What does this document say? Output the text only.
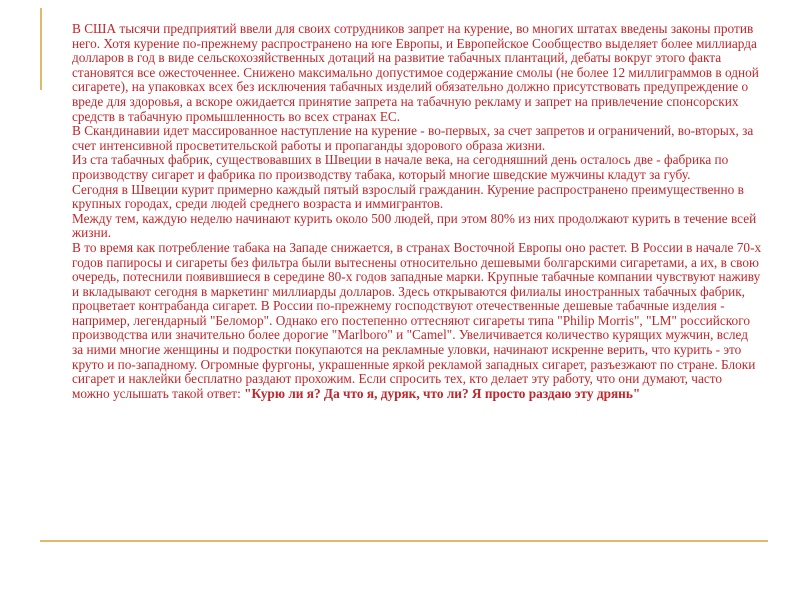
В США тысячи предприятий ввели для своих сотрудников запрет на курение, во многих штатах введены законы против него. Хотя курение по-прежнему распространено на юге Европы, и Европейское Сообщество выделяет более миллиарда долларов в год в виде сельскохозяйственных дотаций на развитие табачных плантаций, дебаты вокруг этого факта становятся все ожесточеннее. Снижено максимально допустимое содержание смолы (не более 12 миллиграммов в одной сигарете), на упаковках всех без исключения табачных изделий обязательно должно присутствовать предупреждение о вреде для здоровья, а вскоре ожидается принятие запрета на табачную рекламу и запрет на привлечение спонсорских средств в табачную промышленность во всех странах ЕС.

В Скандинавии идет массированное наступление на курение - во-первых, за счет запретов и ограничений, во-вторых, за счет интенсивной просветительской работы и пропаганды здорового образа жизни.

Из ста табачных фабрик, существовавших в Швеции в начале века, на сегодняшний день осталось две - фабрика по производству сигарет и фабрика по производству табака, который многие шведские мужчины кладут за губу.

Сегодня в Швеции курит примерно каждый пятый взрослый гражданин. Курение распространено преимущественно в крупных городах, среди людей среднего возраста и иммигрантов.

Между тем, каждую неделю начинают курить около 500 людей, при этом 80% из них продолжают курить в течение всей жизни.

В то время как потребление табака на Западе снижается, в странах Восточной Европы оно растет. В России в начале 70-х годов папиросы и сигареты без фильтра были вытеснены относительно дешевыми болгарскими сигаретами, а их, в свою очередь, потеснили появившиеся в середине 80-х годов западные марки. Крупные табачные компании чувствуют наживу и вкладывают сегодня в маркетинг миллиарды долларов. Здесь открываются филиалы иностранных табачных фабрик, процветает контрабанда сигарет. В России по-прежнему господствуют отечественные дешевые табачные изделия - например, легендарный "Беломор". Однако его постепенно оттесняют сигареты типа "Philip Morris", "LM" российского производства или значительно более дорогие "Marlboro" и "Camel". Увеличивается количество курящих мужчин, вслед за ними многие женщины и подростки покупаются на рекламные уловки, начинают искренне верить, что курить - это круто и по-западному. Огромные фургоны, украшенные яркой рекламой западных сигарет, разъезжают по стране. Блоки сигарет и наклейки бесплатно раздают прохожим. Если спросить тех, кто делает эту работу, что они думают, часто можно услышать такой ответ: "Курю ли я? Да что я, дуряк, что ли? Я просто раздаю эту дрянь"
